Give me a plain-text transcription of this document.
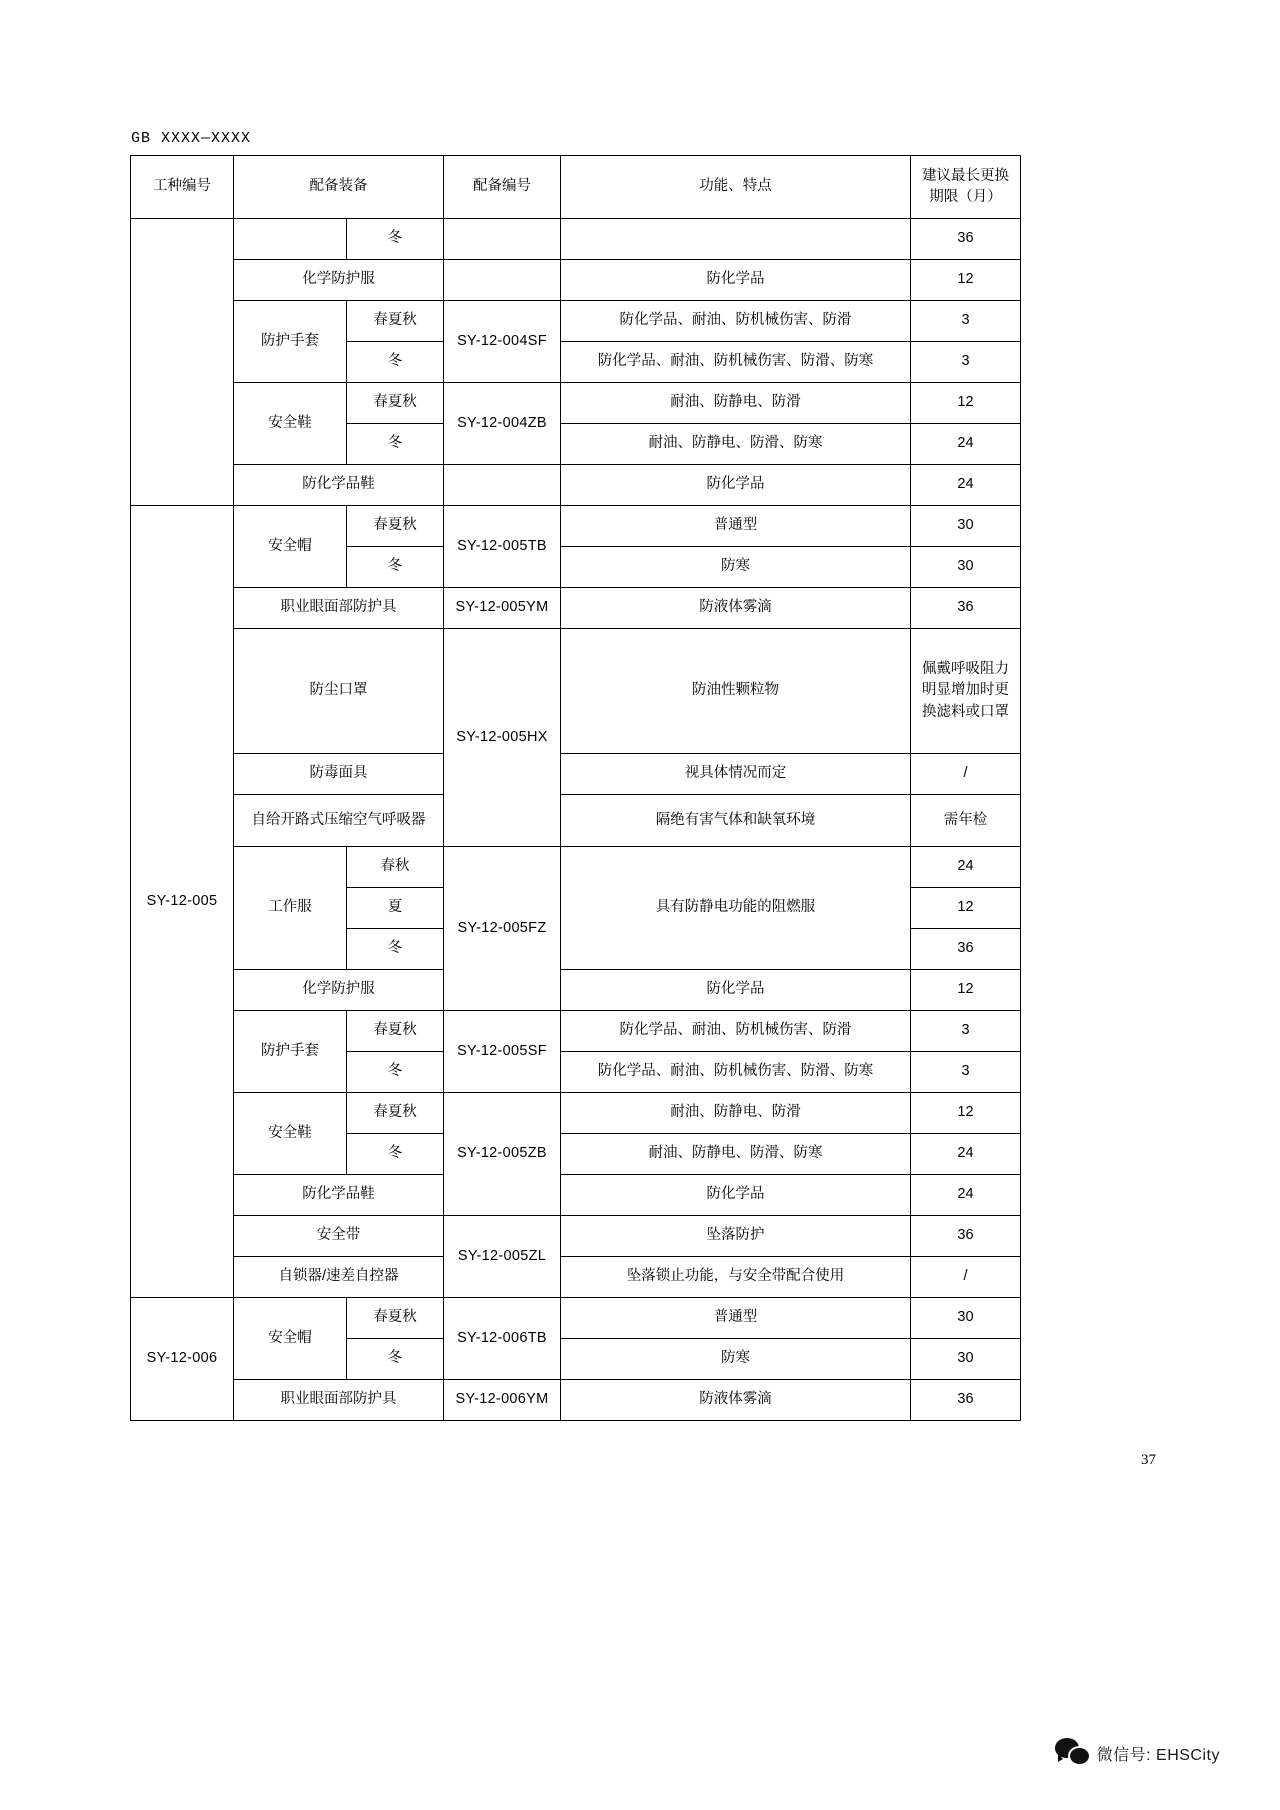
GB XXXX—XXXX
工种编号	配备装备		配备编号	功能、特点	建议最长更换期限（月）
		冬			36
	化学防护服			防化学品	12
	防护手套	春夏秋	SY-12-004SF	防化学品、耐油、防机械伤害、防滑	3
		冬		防化学品、耐油、防机械伤害、防滑、防寒	3
	安全鞋	春夏秋	SY-12-004ZB	耐油、防静电、防滑	12
		冬		耐油、防静电、防滑、防寒	24
	防化学品鞋			防化学品	24
SY-12-005	安全帽	春夏秋	SY-12-005TB	普通型	30
		冬		防寒	30
	职业眼面部防护具		SY-12-005YM	防液体雾滴	36
	防尘口罩		SY-12-005HX	防油性颗粒物	佩戴呼吸阻力明显增加时更换滤料或口罩
	防毒面具			视具体情况而定	/
	自给开路式压缩空气呼吸器			隔绝有害气体和缺氧环境	需年检
	工作服	春秋	SY-12-005FZ	具有防静电功能的阻燃服	24
		夏			12
		冬			36
	化学防护服			防化学品	12
	防护手套	春夏秋	SY-12-005SF	防化学品、耐油、防机械伤害、防滑	3
		冬		防化学品、耐油、防机械伤害、防滑、防寒	3
	安全鞋	春夏秋	SY-12-005ZB	耐油、防静电、防滑	12
		冬		耐油、防静电、防滑、防寒	24
	防化学品鞋			防化学品	24
	安全带		SY-12-005ZL	坠落防护	36
	自锁器/速差自控器			坠落锁止功能，与安全带配合使用	/
SY-12-006	安全帽	春夏秋	SY-12-006TB	普通型	30
		冬		防寒	30
	职业眼面部防护具		SY-12-006YM	防液体雾滴	36
37
微信号: EHSCity
